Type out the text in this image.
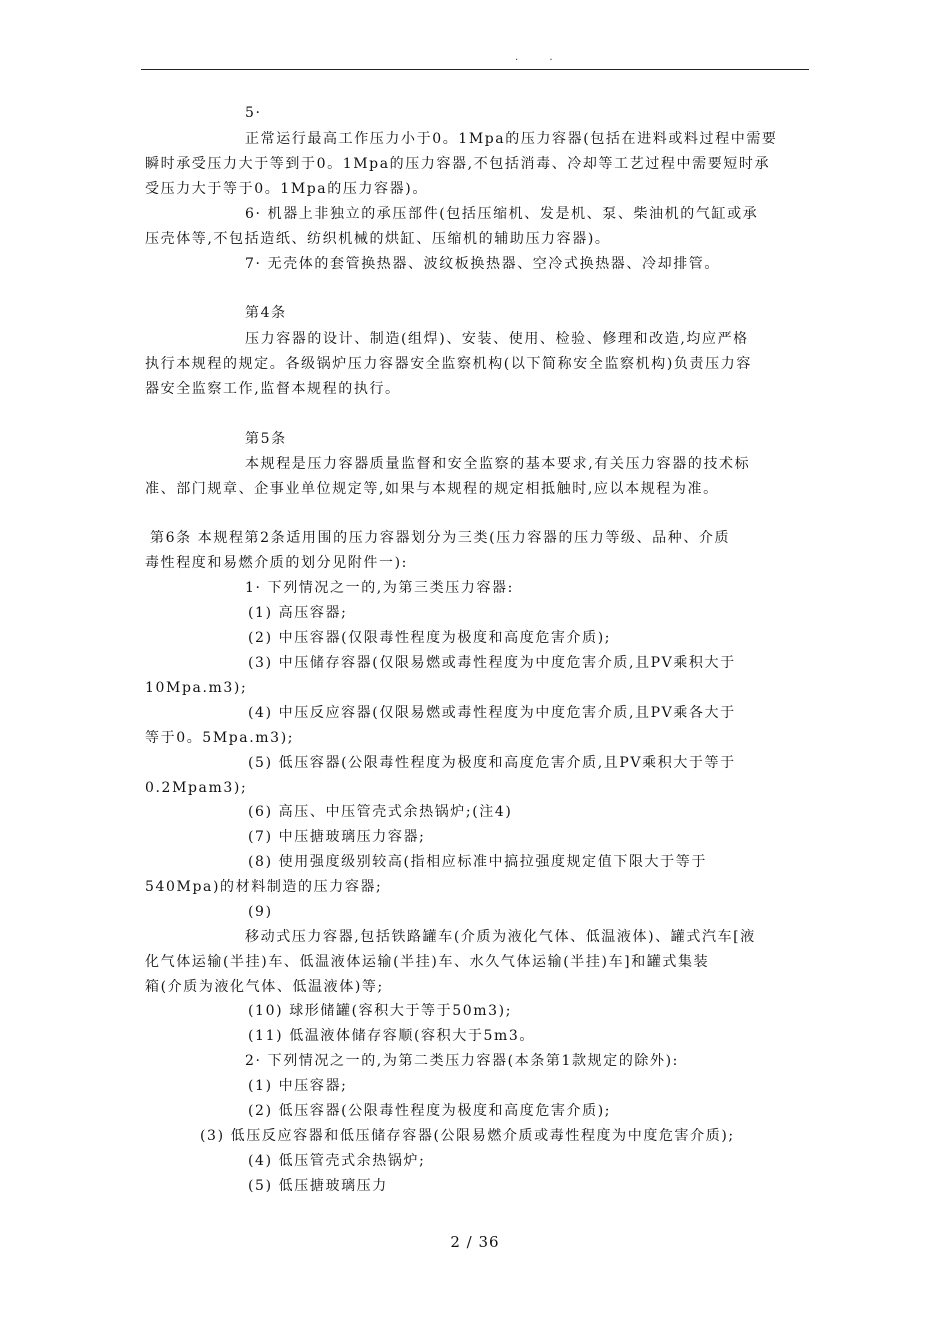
. .
5·
正常运行最高工作压力小于0。1Mpa的压力容器(包括在进料或料过程中需要
瞬时承受压力大于等到于0。1Mpa的压力容器,不包括消毒、冷却等工艺过程中需要短时承
受压力大于等于0。1Mpa的压力容器)。
6· 机器上非独立的承压部件(包括压缩机、发是机、泵、柴油机的气缸或承
压壳体等,不包括造纸、纺织机械的烘缸、压缩机的辅助压力容器)。
7· 无壳体的套管换热器、波纹板换热器、空冷式换热器、冷却排管。
第4条
压力容器的设计、制造(组焊)、安装、使用、检验、修理和改造,均应严格
执行本规程的规定。各级锅炉压力容器安全监察机构(以下简称安全监察机构)负责压力容
器安全监察工作,监督本规程的执行。
第5条
本规程是压力容器质量监督和安全监察的基本要求,有关压力容器的技术标
准、部门规章、企事业单位规定等,如果与本规程的规定相抵触时,应以本规程为准。
第6条 本规程第2条适用围的压力容器划分为三类(压力容器的压力等级、品种、介质
毒性程度和易燃介质的划分见附件一):
1· 下列情况之一的,为第三类压力容器:
(1) 高压容器;
(2) 中压容器(仅限毒性程度为极度和高度危害介质);
(3) 中压储存容器(仅限易燃或毒性程度为中度危害介质,且PV乘积大于
10Mpa.m3);
(4) 中压反应容器(仅限易燃或毒性程度为中度危害介质,且PV乘各大于
等于0。5Mpa.m3);
(5) 低压容器(公限毒性程度为极度和高度危害介质,且PV乘积大于等于
0.2Mpam3);
(6) 高压、中压管壳式余热锅炉;(注4)
(7) 中压搪玻璃压力容器;
(8) 使用强度级别较高(指相应标准中搞拉强度规定值下限大于等于
540Mpa)的材料制造的压力容器;
(9)
移动式压力容器,包括铁路罐车(介质为液化气体、低温液体)、罐式汽车[液
化气体运输(半挂)车、低温液体运输(半挂)车、水久气体运输(半挂)车]和罐式集装
箱(介质为液化气体、低温液体)等;
(10) 球形储罐(容积大于等于50m3);
(11) 低温液体储存容顺(容积大于5m3。
2· 下列情况之一的,为第二类压力容器(本条第1款规定的除外):
(1) 中压容器;
(2) 低压容器(公限毒性程度为极度和高度危害介质);
(3) 低压反应容器和低压储存容器(公限易燃介质或毒性程度为中度危害介质);
(4) 低压管壳式余热锅炉;
(5) 低压搪玻璃压力
2 / 36
